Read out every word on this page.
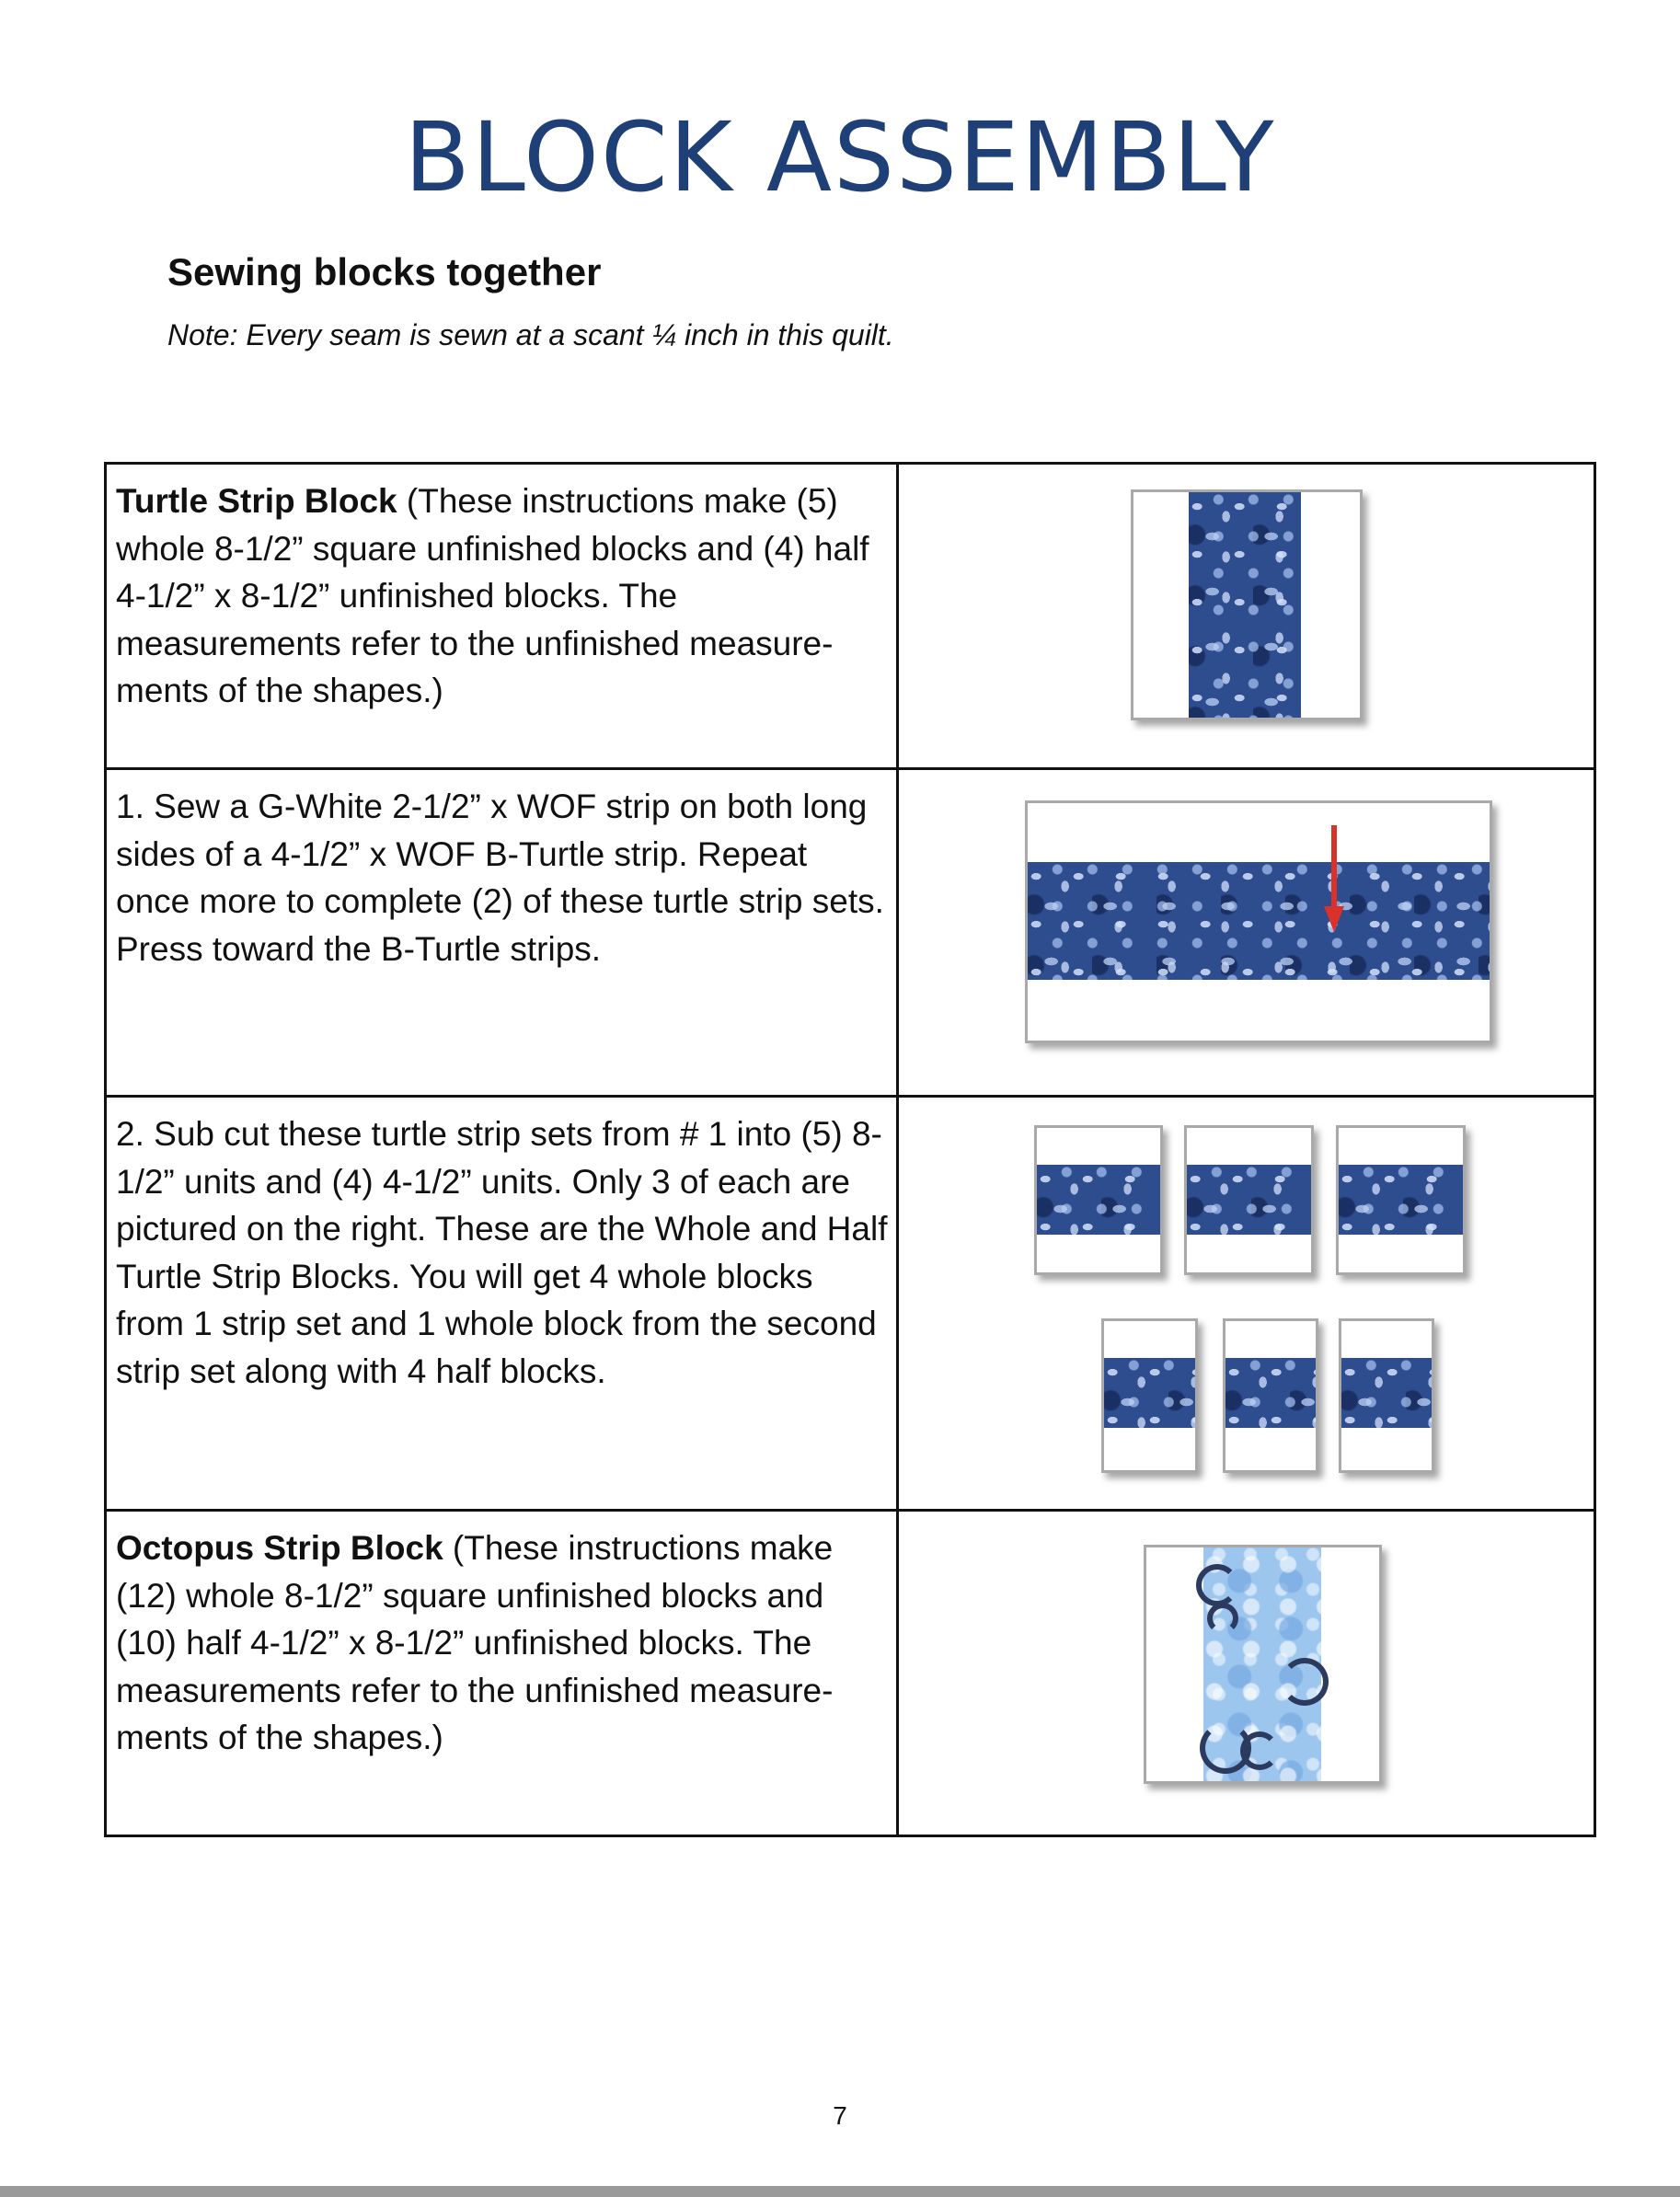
BLOCK ASSEMBLY
Sewing blocks together
Note: Every seam is sewn at a scant ¼ inch in this quilt.
Turtle Strip Block (These instructions make (5) whole 8-1/2” square unfinished blocks and (4) half 4-1/2” x 8-1/2” unfinished blocks. The measurements refer to the unfinished measure-ments of the shapes.)	

1. Sew a G-White 2-1/2” x WOF strip on both long sides of a 4-1/2” x WOF B-Turtle strip. Repeat once more to complete (2) of these turtle strip sets. Press toward the B-Turtle strips.	

2. Sub cut these turtle strip sets from # 1 into (5) 8-1/2” units and (4) 4-1/2” units. Only 3 of each are pictured on the right. These are the Whole and Half Turtle Strip Blocks. You will get 4 whole blocks from 1 strip set and 1 whole block from the second strip set along with 4 half blocks.	

Octopus Strip Block (These instructions make (12) whole 8-1/2” square unfinished blocks and (10) half 4-1/2” x 8-1/2” unfinished blocks. The measurements refer to the unfinished measure-ments of the shapes.)	
7
